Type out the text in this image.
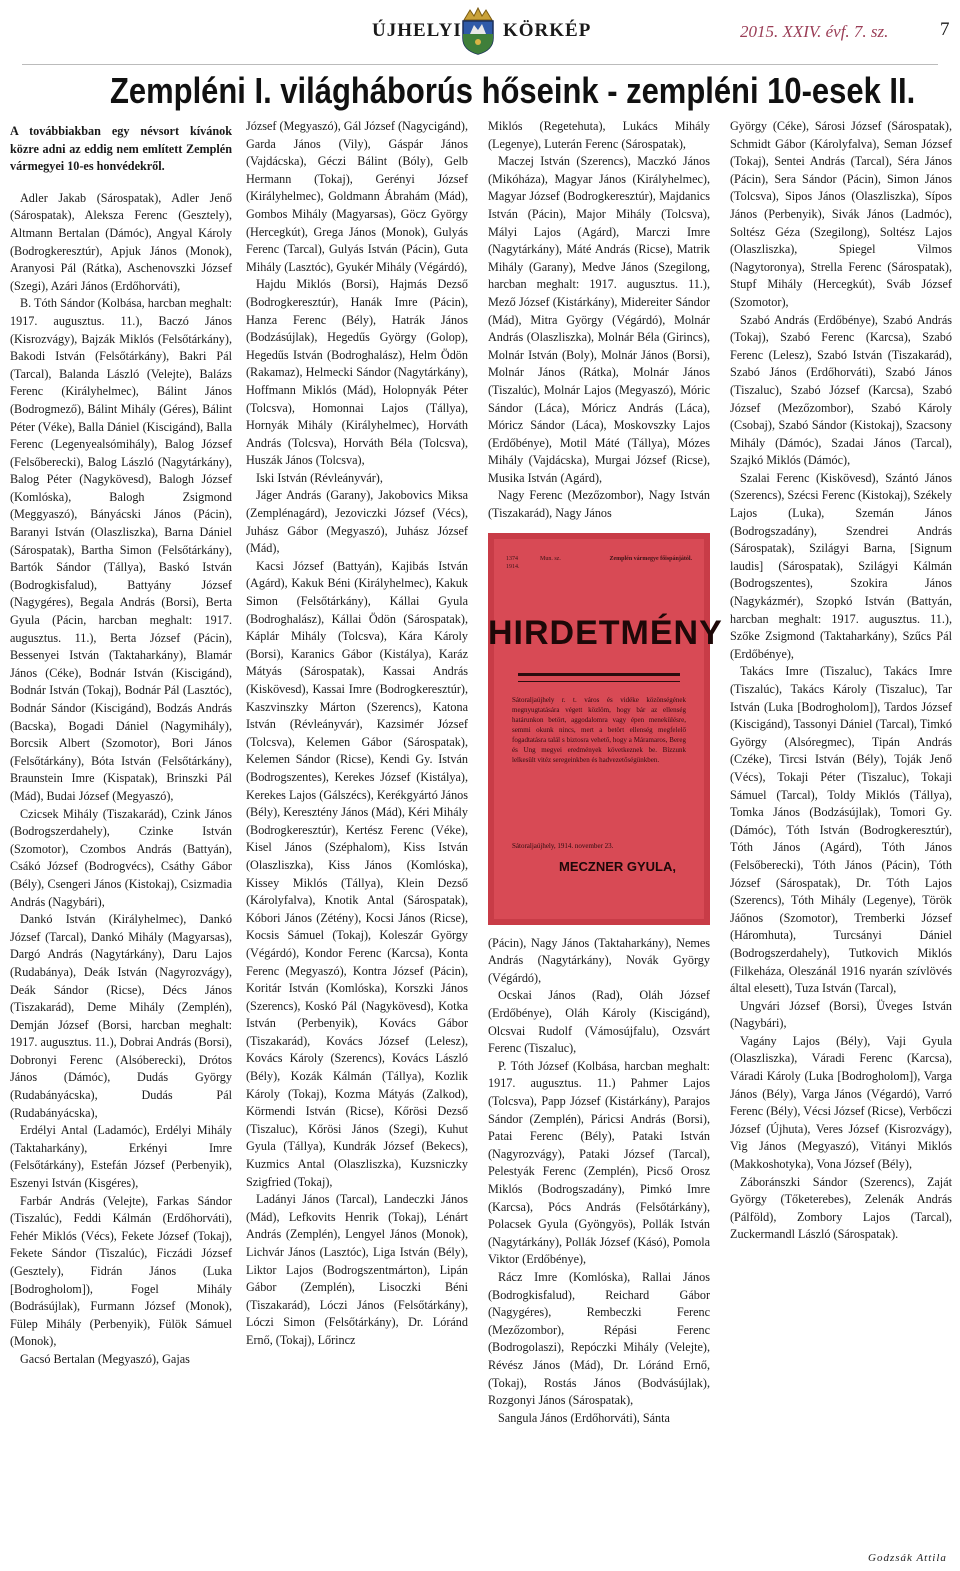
ÚJHELYI KÖRKÉP	2015. XXIV. évf. 7. sz.	7
Zempléni I. világháborús hőseink - zempléni 10-esek II.

A továbbiakban egy névsort kívánok közre adni az eddig nem említett Zemplén vármegyei 10-es honvédekről.

Adler Jakab (Sárospatak), Adler Jenő (Sárospatak), Aleksza Ferenc (Gesztely), Altmann Bertalan (Dámóc), Angyal Károly (Bodrogkeresztúr), Apjuk János (Monok), Aranyosi Pál (Rátka), Aschenovszki József (Szegi), Azári János (Erdőhorváti),

B. Tóth Sándor (Kolbása, harcban meghalt: 1917. augusztus. 11.), Baczó János (Kisrozvágy), Bajzák Miklós (Felsőtárkány), Bakodi István (Felsőtárkány), Bakri Pál (Tarcal), Balanda László (Velejte), Balázs Ferenc (Királyhelmec), Bálint János (Bodrogmező), Bálint Mihály (Géres), Bálint Péter (Véke), Balla Dániel (Kiscigánd), Balla Ferenc (Legenyealsómihály), Balog József (Felsőberecki), Balog László (Nagytárkány), Balog Péter (Nagykövesd), Balogh József (Komlóska), Balogh Zsigmond (Meggyaszó), Bányácski János (Pácin), Baranyi István (Olaszliszka), Barna Dániel (Sárospatak), Bartha Simon (Felsőtárkány), Bartók Sándor (Tállya), Baskó István (Bodrogkisfalud), Battyány József (Nagygéres), Begala András (Borsi), Berta Gyula (Pácin, harcban meghalt: 1917. augusztus. 11.), Berta József (Pácin), Bessenyei István (Taktaharkány), Blamár János (Céke), Bodnár István (Kiscigánd), Bodnár István (Tokaj), Bodnár Pál (Lasztóc), Bodnár Sándor (Kiscigánd), Bodzás András (Bacska), Bogadi Dániel (Nagymihály), Borcsik Albert (Szomotor), Bori János (Felsőtárkány), Bóta István (Felsőtárkány), Braunstein Imre (Kispatak), Brinszki Pál (Mád), Budai József (Megyaszó),

Czicsek Mihály (Tiszakarád), Czink János (Bodrogszerdahely), Czinke István (Szomotor), Czombos András (Battyán), Csákó József (Bodrogvécs), Csáthy Gábor (Bély), Csengeri János (Kistokaj), Csizmadia András (Nagybári),

Dankó István (Királyhelmec), Dankó József (Tarcal), Dankó Mihály (Magyarsas), Dargó András (Nagytárkány), Daru Lajos (Rudabánya), Deák István (Nagyrozvágy), Deák Sándor (Ricse), Décs János (Tiszakarád), Deme Mihály (Zemplén), Demján József (Borsi, harcban meghalt: 1917. augusztus. 11.), Dobrai András (Borsi), Dobronyi Ferenc (Alsóberecki), Drótos János (Dámóc), Dudás György (Rudabányácska), Dudás Pál (Rudabányácska),

Erdélyi Antal (Ladamóc), Erdélyi Mihály (Taktaharkány), Erkényi Imre (Felsőtárkány), Estefán József (Perbenyik), Eszenyi István (Kisgéres),

Farbár András (Velejte), Farkas Sándor (Tiszalúc), Feddi Kálmán (Erdőhorváti), Fehér Miklós (Vécs), Fekete József (Tokaj), Fekete Sándor (Tiszalúc), Ficzádi József (Gesztely), Fidrán János (Luka [Bodrogholom]), Fogel Mihály (Bodrásújlak), Furmann József (Monok), Fülep Mihály (Perbenyik), Fülök Sámuel (Monok),

Gacsó Bertalan (Megyaszó), Gajas

József (Megyaszó), Gál József (Nagycigánd), Garda János (Vily), Gáspár János (Vajdácska), Géczi Bálint (Bóly), Gelb Hermann (Tokaj), Gerényi József (Királyhelmec), Goldmann Ábrahám (Mád), Gombos Mihály (Magyarsas), Göcz György (Hercegkút), Grega János (Monok), Gulyás Ferenc (Tarcal), Gulyás István (Pácin), Guta Mihály (Lasztóc), Gyukér Mihály (Végárdó),

Hajdu Miklós (Borsi), Hajmás Dezső (Bodrogkeresztúr), Hanák Imre (Pácin), Hanza Ferenc (Bély), Hatrák János (Bodzásújlak), Hegedűs György (Golop), Hegedűs István (Bodroghalász), Helm Ödön (Rakamaz), Helmecki Sándor (Nagytárkány), Hoffmann Miklós (Mád), Holopnyák Péter (Tolcsva), Homonnai Lajos (Tállya), Hornyák Mihály (Királyhelmec), Horváth András (Tolcsva), Horváth Béla (Tolcsva), Huszák János (Tolcsva),

Iski István (Révleányvár),

Jáger András (Garany), Jakobovics Miksa (Zemplénagárd), Jezoviczki József (Vécs), Juhász Gábor (Megyaszó), Juhász József (Mád),

Kacsi József (Battyán), Kajibás István (Agárd), Kakuk Béni (Királyhelmec), Kakuk Simon (Felsőtárkány), Kállai Gyula (Bodroghalász), Kállai Ödön (Sárospatak), Káplár Mihály (Tolcsva), Kára Károly (Borsi), Karanics Gábor (Kistálya), Karáz Mátyás (Sárospatak), Kassai András (Kiskövesd), Kassai Imre (Bodrogkeresztúr), Kaszvinszky Márton (Szerencs), Katona István (Révleányvár), Kazsimér József (Tolcsva), Kelemen Gábor (Sárospatak), Kelemen Sándor (Ricse), Kendi Gy. István (Bodrogszentes), Kerekes József (Kistálya), Kerekes Lajos (Gálszécs), Kerékgyártó János (Bély), Keresztény János (Mád), Kéri Mihály (Bodrogkeresztúr), Kertész Ferenc (Véke), Kisel János (Széphalom), Kiss István (Olaszliszka), Kiss János (Komlóska), Kissey Miklós (Tállya), Klein Dezső (Károlyfalva), Knotik Antal (Sárospatak), Kóbori János (Zétény), Kocsi János (Ricse), Kocsis Sámuel (Tokaj), Koleszár György (Végárdó), Kondor Ferenc (Karcsa), Konta Ferenc (Megyaszó), Kontra József (Pácin), Koritár István (Komlóska), Korszki János (Szerencs), Koskó Pál (Nagykövesd), Kotka István (Perbenyik), Kovács Gábor (Tiszakarád), Kovács József (Lelesz), Kovács Károly (Szerencs), Kovács László (Bély), Kozák Kálmán (Tállya), Kozlik Károly (Tokaj), Kozma Mátyás (Zalkod), Körmendi István (Ricse), Kőrösi Dezső (Tiszaluc), Kőrösi János (Szegi), Kuhut Gyula (Tállya), Kundrák József (Bekecs), Kuzmics Antal (Olaszliszka), Kuzsniczky Szigfried (Tokaj),

Ladányi János (Tarcal), Landeczki János (Mád), Lefkovits Henrik (Tokaj), Lénárt András (Zemplén), Lengyel János (Monok), Lichvár János (Lasztóc), Liga István (Bély), Liktor Lajos (Bodrogszentmárton), Lipán Gábor (Zemplén), Lisoczki Béni (Tiszakarád), Lóczi János (Felsőtárkány), Lóczi Simon (Felsőtárkány), Dr. Lóránd Ernő, (Tokaj), Lőrincz

Miklós (Regetehuta), Lukács Mihály (Legenye), Luterán Ferenc (Sárospatak),

Maczej István (Szerencs), Maczkó János (Mikóháza), Magyar János (Királyhelmec), Magyar József (Bodrogkeresztúr), Majdanics István (Pácin), Major Mihály (Tolcsva), Mályi Lajos (Agárd), Marczi Imre (Nagytárkány), Máté András (Ricse), Matrik Mihály (Garany), Medve János (Szegilong, harcban meghalt: 1917. augusztus. 11.), Mező József (Kistárkány), Midereiter Sándor (Mád), Mitra György (Végárdó), Molnár András (Olaszliszka), Molnár Béla (Girincs), Molnár István (Boly), Molnár János (Borsi), Molnár János (Rátka), Molnár János (Tiszalúc), Molnár Lajos (Megyaszó), Móric Sándor (Láca), Móricz András (Láca), Móricz Sándor (Láca), Moskovszky Lajos (Erdőbénye), Motil Máté (Tállya), Mózes Mihály (Vajdácska), Murgai József (Ricse), Musika István (Agárd),

Nagy Ferenc (Mezőzombor), Nagy István (Tiszakarád), Nagy János

1374
1914.
Mun. sz.	Zemplén vármegye főispánjától.
HIRDETMÉNY
Sátoraljaújhely r. t. város és vidéke közönségének megnyugtatására végett közlöm, hogy bár az ellenség határunkon betört, aggodalomra vagy épen menekülésre, semmi okunk nincs, mert a betört ellenség megfelelő fogadtatásra talál s biztosra vehető, hogy a Máramaros, Bereg és Ung megyei eredmények következnek be. Bízzunk lelkesült vitéz seregeinkben és hadvezetőségünkben.
Sátoraljaújhely, 1914. november 23.
MECZNER GYULA,

(Pácin), Nagy János (Taktaharkány), Nemes András (Nagytárkány), Novák György (Végárdó),

Ocskai János (Rad), Oláh József (Erdőbénye), Oláh Károly (Kiscigánd), Olcsvai Rudolf (Vámosújfalu), Ozsvárt Ferenc (Tiszaluc),

P. Tóth József (Kolbása, harcban meghalt: 1917. augusztus. 11.) Pahmer Lajos (Tolcsva), Papp József (Kistárkány), Parajos Sándor (Zemplén), Páricsi András (Borsi), Patai Ferenc (Bély), Pataki István (Nagyrozvágy), Pataki József (Tarcal), Pelestyák Ferenc (Zemplén), Picső Orosz Miklós (Bodrogszadány), Pimkó Imre (Karcsa), Pócs András (Felsőtárkány), Polacsek Gyula (Gyöngyös), Pollák István (Nagytárkány), Pollák József (Kásó), Pomola Viktor (Erdőbénye),

Rácz Imre (Komlóska), Rallai János (Bodrogkisfalud), Reichard Gábor (Nagygéres), Rembeczki Ferenc (Mezőzombor), Répási Ferenc (Bodrogolaszi), Repóczki Mihály (Velejte), Révész János (Mád), Dr. Lóránd Ernő, (Tokaj), Rostás János (Bodvásújlak), Rozgonyi János (Sárospatak),

Sangula János (Erdőhorváti), Sánta

György (Céke), Sárosi József (Sárospatak), Schmidt Gábor (Károlyfalva), Seman József (Tokaj), Sentei András (Tarcal), Séra János (Pácin), Sera Sándor (Pácin), Simon János (Tolcsva), Sipos János (Olaszliszka), Sípos János (Perbenyik), Sivák János (Ladmóc), Soltész Géza (Szegilong), Soltész Lajos (Olaszliszka), Spiegel Vilmos (Nagytoronya), Strella Ferenc (Sárospatak), Stupf Mihály (Hercegkút), Sváb József (Szomotor),

Szabó András (Erdőbénye), Szabó András (Tokaj), Szabó Ferenc (Karcsa), Szabó Ferenc (Lelesz), Szabó István (Tiszakarád), Szabó János (Erdőhorváti), Szabó János (Tiszaluc), Szabó József (Karcsa), Szabó József (Mezőzombor), Szabó Károly (Csobaj), Szabó Sándor (Kistokaj), Szacsony Mihály (Dámóc), Szadai János (Tarcal), Szajkó Miklós (Dámóc),

Szalai Ferenc (Kiskövesd), Szántó János (Szerencs), Szécsi Ferenc (Kistokaj), Székely Lajos (Luka), Szemán János (Bodrogszadány), Szendrei András (Sárospatak), Szilágyi Barna, [Signum laudis] (Sárospatak), Szilágyi Kálmán (Bodrogszentes), Szokira János (Nagykázmér), Szopkó István (Battyán, harcban meghalt: 1917. augusztus. 11.), Szőke Zsigmond (Taktaharkány), Szűcs Pál (Erdőbénye),

Takács Imre (Tiszaluc), Takács Imre (Tiszalúc), Takács Károly (Tiszaluc), Tar István (Luka [Bodrogholom]), Tardos József (Kiscigánd), Tassonyi Dániel (Tarcal), Timkó György (Alsóregmec), Tipán András (Czéke), Tircsi István (Bély), Toják Jenő (Vécs), Tokaji Péter (Tiszaluc), Tokaji Sámuel (Tarcal), Toldy Miklós (Tállya), Tomka János (Bodzásújlak), Tomori Gy. (Dámóc), Tóth István (Bodrogkeresztúr), Tóth János (Agárd), Tóth János (Felsőberecki), Tóth János (Pácin), Tóth József (Sárospatak), Dr. Tóth Lajos (Szerencs), Tóth Mihály (Legenye), Török Jáőnos (Szomotor), Tremberki József (Háromhuta), Turcsányi Dániel (Bodrogszerdahely), Tutkovich Miklós (Filkeháza, Oleszánál 1916 nyarán szívlövés által elesett), Tuza István (Tarcal),

Ungvári József (Borsi), Üveges István (Nagybári),

Vagány Lajos (Bély), Vaji Gyula (Olaszliszka), Váradi Ferenc (Karcsa), Váradi Károly (Luka [Bodrogholom]), Varga János (Bély), Varga János (Végardó), Varró Ferenc (Bély), Vécsi József (Ricse), Verbőczi József (Újhuta), Veres József (Kisrozvágy), Vig János (Megyaszó), Vitányi Miklós (Makkoshotyka), Vona József (Bély),

Záboránszki Sándor (Szerencs), Zaját György (Tőketerebes), Zelenák András (Pálföld), Zombory Lajos (Tarcal), Zuckermandl László (Sárospatak).

Godzsák Attila
